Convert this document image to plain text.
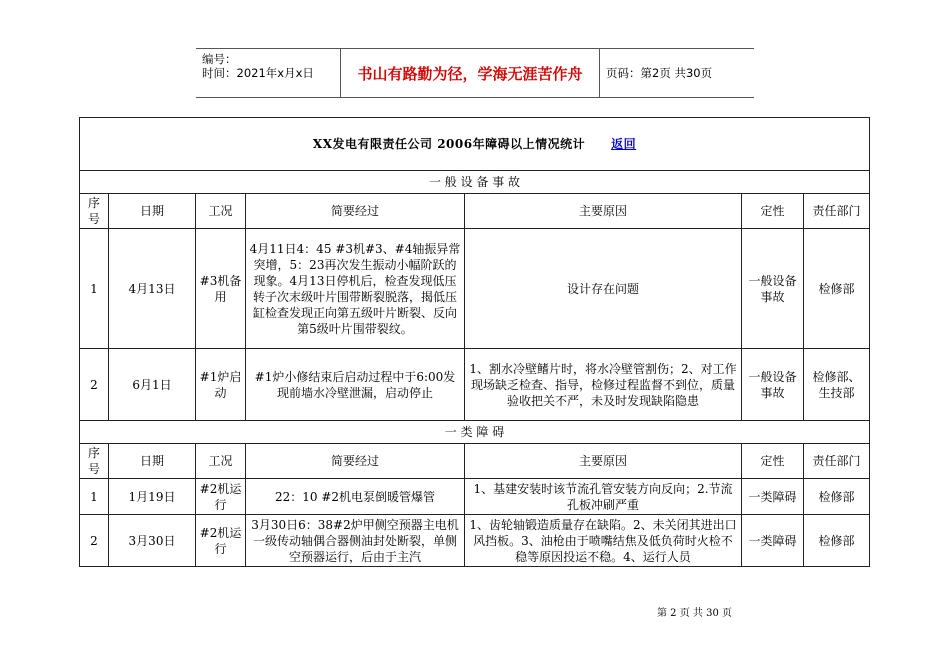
编号：
时间：2021年x月x日	书山有路勤为径，学海无涯苦作舟	页码：第2页 共30页
XX发电有限责任公司 2006年障碍以上情况统计 返回						
一 般 设 备 事 故						
序号	日期	工况	简要经过	主要原因	定性	责任部门
1	4月13日	#3机备用	4月11日4：45 #3机#3、#4轴振异常突增，5：23再次发生振动小幅阶跃的现象。4月13日停机后，检查发现低压转子次末级叶片围带断裂脱落，揭低压缸检查发现正向第五级叶片断裂、反向第5级叶片围带裂纹。	设计存在问题	一般设备事故	检修部
2	6月1日	#1炉启动	#1炉小修结束后启动过程中于6:00发现前墙水冷壁泄漏，启动停止	1、割水冷壁鳍片时，将水冷壁管割伤；2、对工作现场缺乏检查、指导，检修过程监督不到位，质量验收把关不严，未及时发现缺陷隐患	一般设备事故	检修部、生技部
一 类 障 碍						
序号	日期	工况	简要经过	主要原因	定性	责任部门
1	1月19日	#2机运行	22：10 #2机电泵倒暖管爆管	1、基建安装时该节流孔管安装方向反向；2.节流孔板冲刷严重	一类障碍	检修部
2	3月30日	#2机运行	3月30日6：38#2炉甲侧空预器主电机一级传动轴偶合器侧油封处断裂，单侧空预器运行，后由于主汽	1、齿轮轴锻造质量存在缺陷。2、未关闭其进出口风挡板。3、油枪由于喷嘴结焦及低负荷时火检不稳等原因投运不稳。4、运行人员	一类障碍	检修部
第 2 页 共 30 页
